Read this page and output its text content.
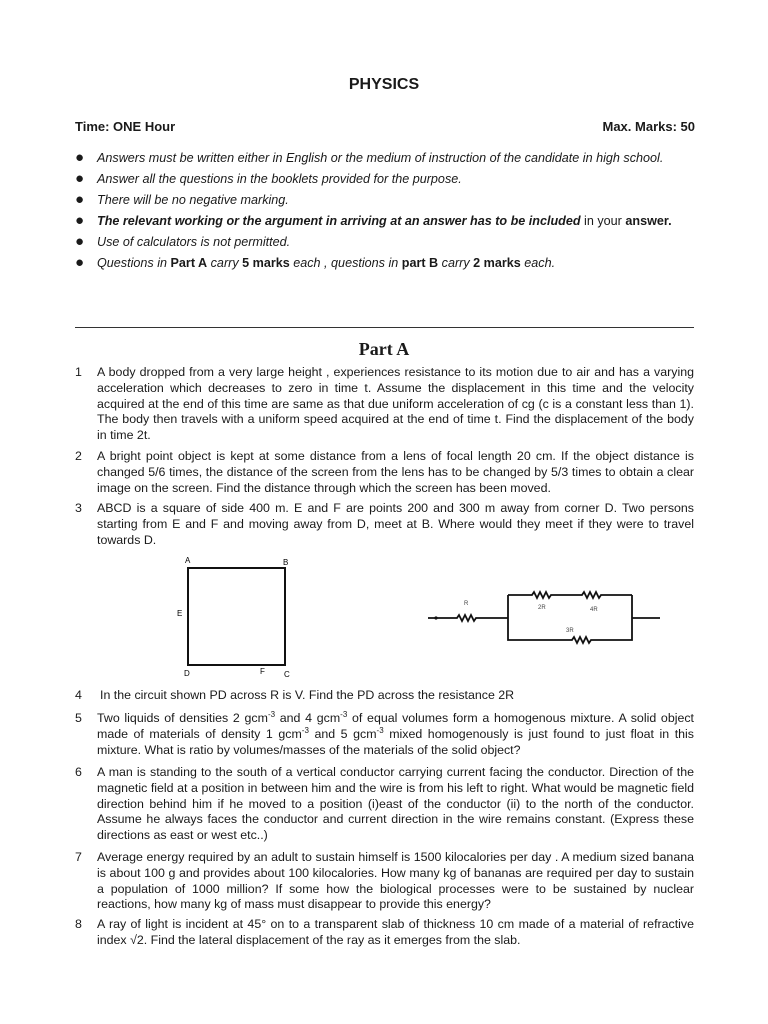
PHYSICS
Time: ONE Hour	Max. Marks: 50
● Answers must be written either in English or the medium of instruction of the candidate in high school.
● Answer all the questions in the booklets provided for the purpose.
● There will be no negative marking.
● The relevant working or the argument in arriving at an answer has to be included in your answer.
● Use of calculators is not permitted.
● Questions in Part A carry 5 marks each , questions in part B carry 2 marks each.
Part A
1 A body dropped from a very large height , experiences resistance to its motion due to air and has a varying acceleration which decreases to zero in time t. Assume the displacement in this time and the velocity acquired at the end of this time are same as that due uniform acceleration of cg (c is a constant less than 1). The body then travels with a uniform speed acquired at the end of time t. Find the displacement of the body in time 2t.
2 A bright point object is kept at some distance from a lens of focal length 20 cm. If the object distance is changed 5/6 times, the distance of the screen from the lens has to be changed by 5/3 times to obtain a clear image on the screen. Find the distance through which the screen has been moved.
3 ABCD is a square of side 400 m. E and F are points 200 and 300 m away from corner D. Two persons starting from E and F and moving away from D, meet at B. Where would they meet if they were to travel towards D.
A	B
C
D
E
F
R
2R	4R
3R
4 In the circuit shown PD across R is V. Find the PD across the resistance 2R
5 Two liquids of densities 2 gcm$^{-3}$ and 4 gcm$^{-3}$ of equal volumes form a homogenous mixture. A solid object made of materials of density 1 gcm$^{-3}$ and 5 gcm$^{-3}$ mixed homogenously is just found to just float in this mixture. What is ratio by volumes/masses of the materials of the solid object?
6 A man is standing to the south of a vertical conductor carrying current facing the conductor. Direction of the magnetic field at a position in between him and the wire is from his left to right. What would be magnetic field direction behind him if he moved to a position (i)east of the conductor (ii) to the north of the conductor. Assume he always faces the conductor and current direction in the wire remains constant. (Express these directions as east or west etc..)
7 Average energy required by an adult to sustain himself is 1500 kilocalories per day . A medium sized banana is about 100 g and provides about 100 kilocalories. How many kg of bananas are required per day to sustain a population of 1000 million? If some how the biological processes were to be sustained by nuclear reactions, how many kg of mass must disappear to provide this energy?
8 A ray of light is incident at 45° on to a transparent slab of thickness 10 cm made of a material of refractive index √2. Find the lateral displacement of the ray as it emerges from the slab.
